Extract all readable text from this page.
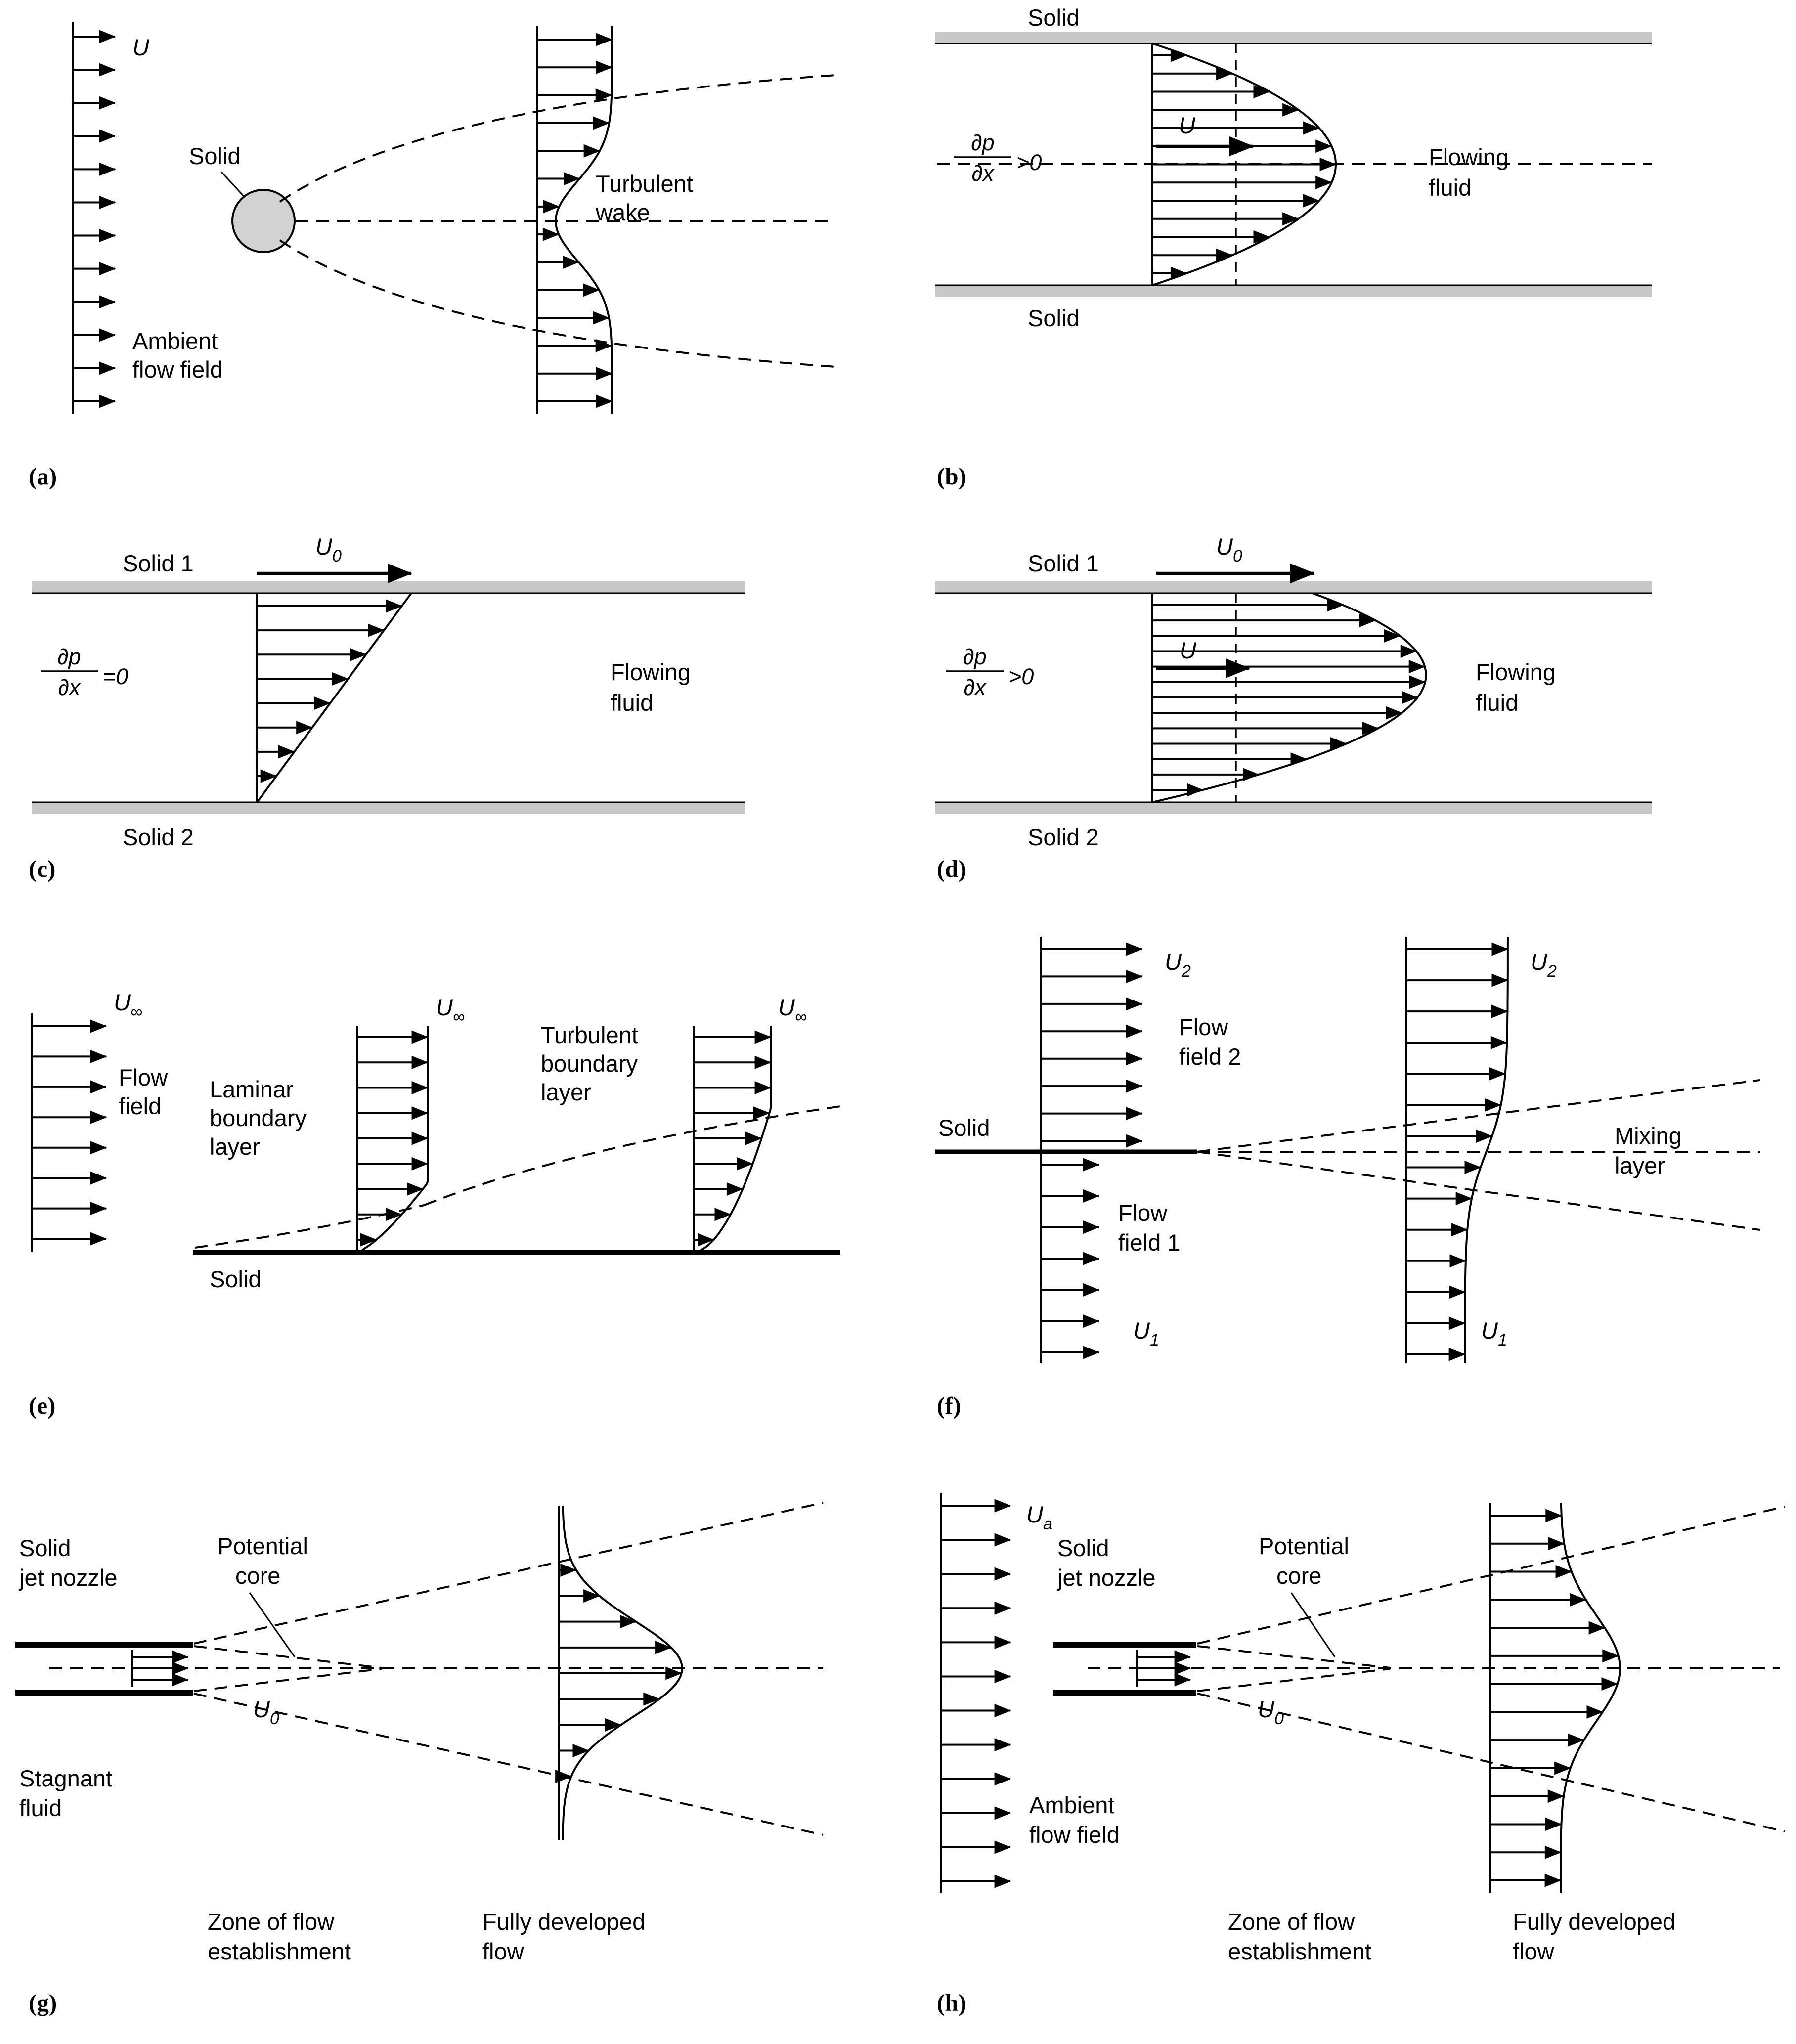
U
Solid
Turbulent
wake
Ambient
flow field
(a)
Solid
Solid
∂p
∂x >0
U
Flowing
fluid
(b)
Solid 1
U 0
∂p
∂x =0	Flowing
fluid
Solid 2
(c)
Solid 1
U 0
∂p
∂x >0
U
Flowing
fluid
Solid 2
(d)
U ∞
Flow
field
Laminar
boundary
layer
U ∞
Turbulent
boundary
layer
U ∞
Solid
(e)
Solid
U 2
Flow
field 2
Flow
field 1
U 1
U 2
Mixing
layer
U 1
(f)
Solid
jet nozzle
Potential
core
U 0
Stagnant
fluid
Zone of flow
establishment
Fully developed
flow
(g)
U a
Ambient
flow field
Solid
jet nozzle
Potential
core
U 0
Zone of flow
establishment
Fully developed
flow
(h)
